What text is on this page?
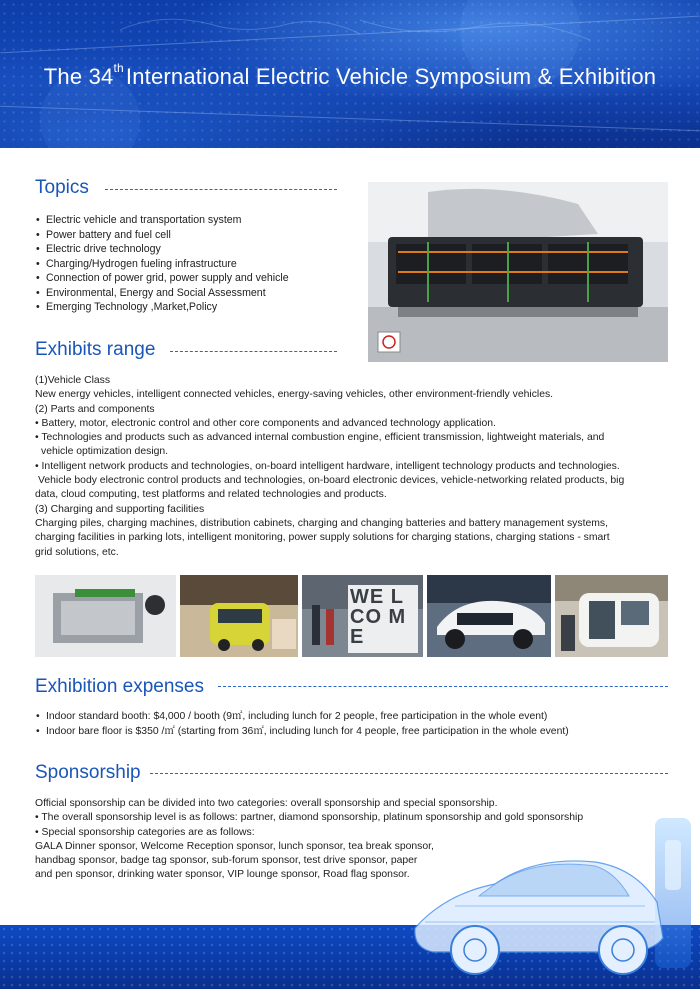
The 34thInternational Electric Vehicle Symposium & Exhibition
Topics
• Electric vehicle and transportation system
• Power battery and fuel cell
• Electric drive technology
• Charging/Hydrogen fueling infrastructure
• Connection of power grid, power supply and vehicle
• Environmental, Energy and Social Assessment
• Emerging Technology ,Market,Policy
Exhibits range
(1)Vehicle Class
New energy vehicles, intelligent connected vehicles, energy-saving vehicles, other environment-friendly vehicles.
(2) Parts and components
• Battery, motor, electronic control and other core components and advanced technology application.
• Technologies and products such as advanced internal combustion engine, efficient transmission, lightweight materials, and
vehicle optimization design.
• Intelligent network products and technologies, on-board intelligent hardware, intelligent technology products and technologies.
Vehicle body electronic control products and technologies, on-board electronic devices, vehicle-networking related products, big
data, cloud computing, test platforms and related technologies and products.
(3) Charging and supporting facilities
Charging piles, charging machines, distribution cabinets, charging and changing batteries and battery management systems,
charging facilities in parking lots, intelligent monitoring, power supply solutions for charging stations, charging stations - smart
grid solutions, etc.
WE LCO ME
Exhibition expenses
• Indoor standard booth: $4,000 / booth (9㎡, including lunch for 2 people, free participation in the whole event)
• Indoor bare floor is $350 /㎡ (starting from 36㎡, including lunch for 4 people, free participation in the whole event)
Sponsorship
Official sponsorship can be divided into two categories: overall sponsorship and special sponsorship.
• The overall sponsorship level is as follows: partner, diamond sponsorship, platinum sponsorship and gold sponsorship
• Special sponsorship categories are as follows:
GALA Dinner sponsor, Welcome Reception sponsor, lunch sponsor, tea break sponsor,
handbag sponsor, badge tag sponsor, sub-forum sponsor, test drive sponsor, paper
and pen sponsor, drinking water sponsor, VIP lounge sponsor, Road flag sponsor.
